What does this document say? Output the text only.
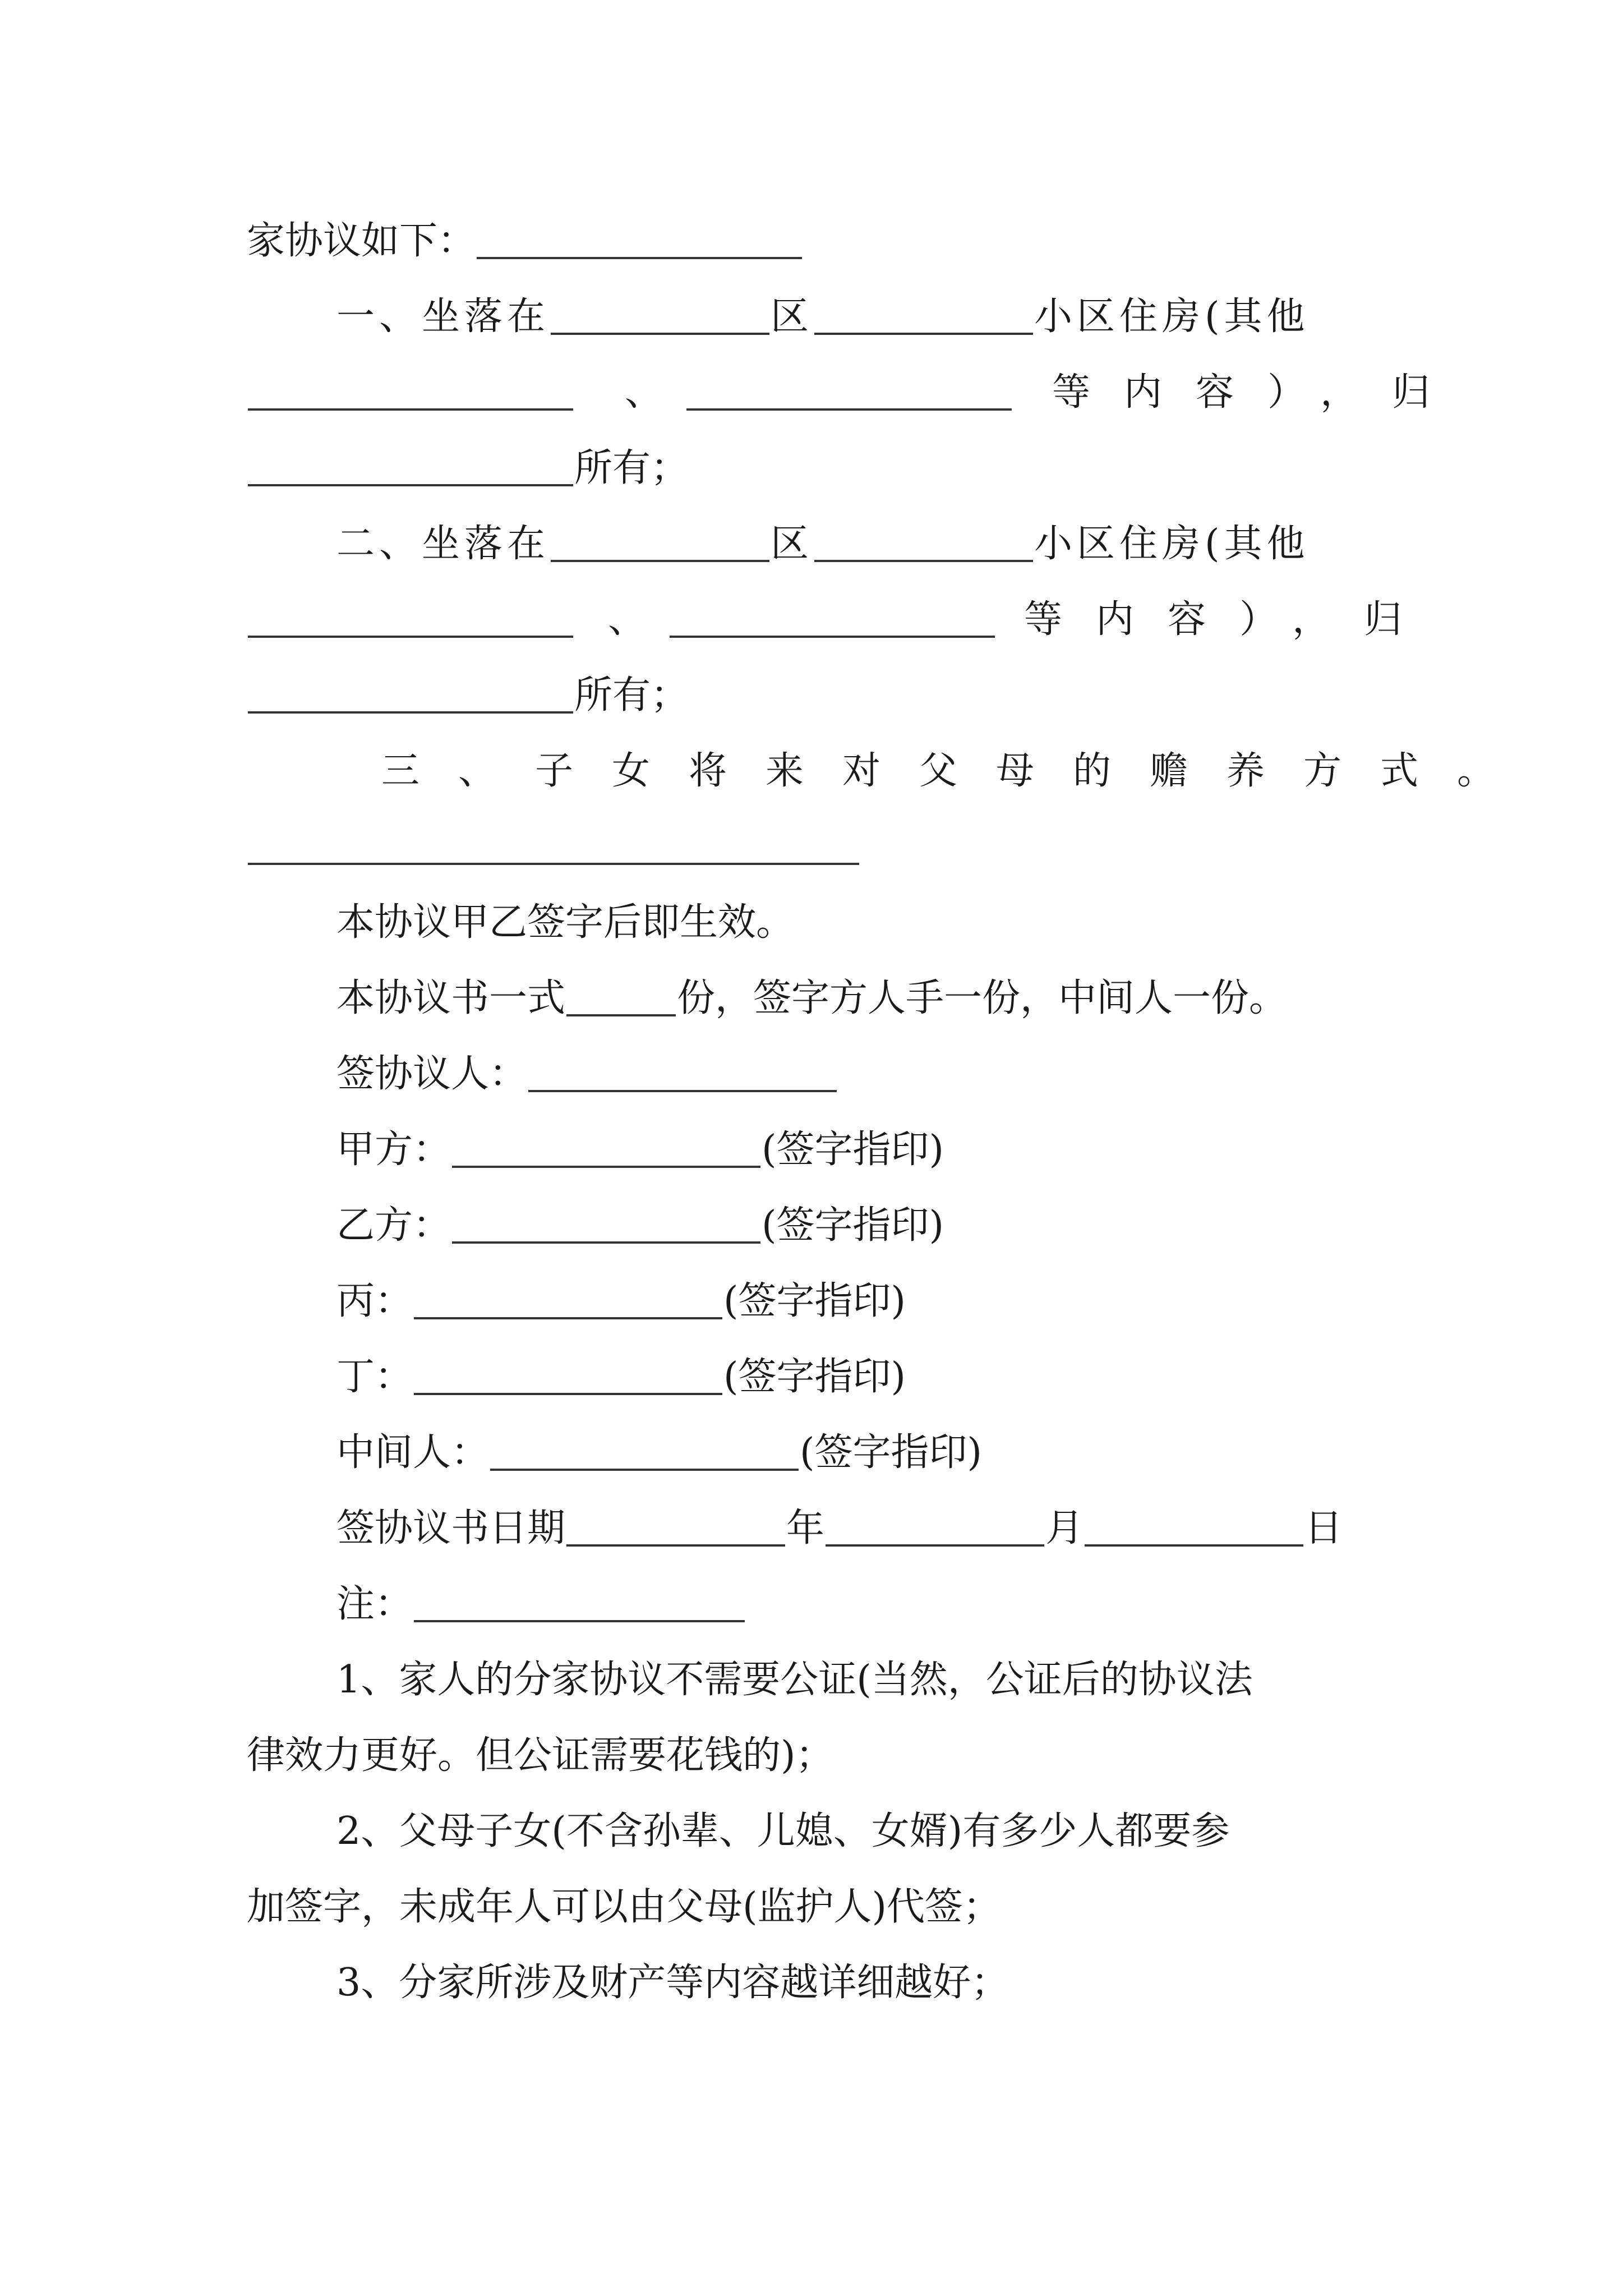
家协议如下：
一、坐落在	区	小区住房(其他
、	等内容），归
所有；
二、坐落在	区	小区住房(其他
、	等内容），归
所有；
三、子女将来对父母的赡养方式。
本协议甲乙签字后即生效。
本协议书一式	份，签字方人手一份，中间人一份。
签协议人：
甲方：	(签字指印)
乙方：	(签字指印)
丙：	(签字指印)
丁：	(签字指印)
中间人：	(签字指印)
签协议书日期	年	月	日
注：
1、家人的分家协议不需要公证(当然，公证后的协议法
律效力更好。但公证需要花钱的)；
2、父母子女(不含孙辈、儿媳、女婿)有多少人都要参
加签字，未成年人可以由父母(监护人)代签；
3、分家所涉及财产等内容越详细越好；
